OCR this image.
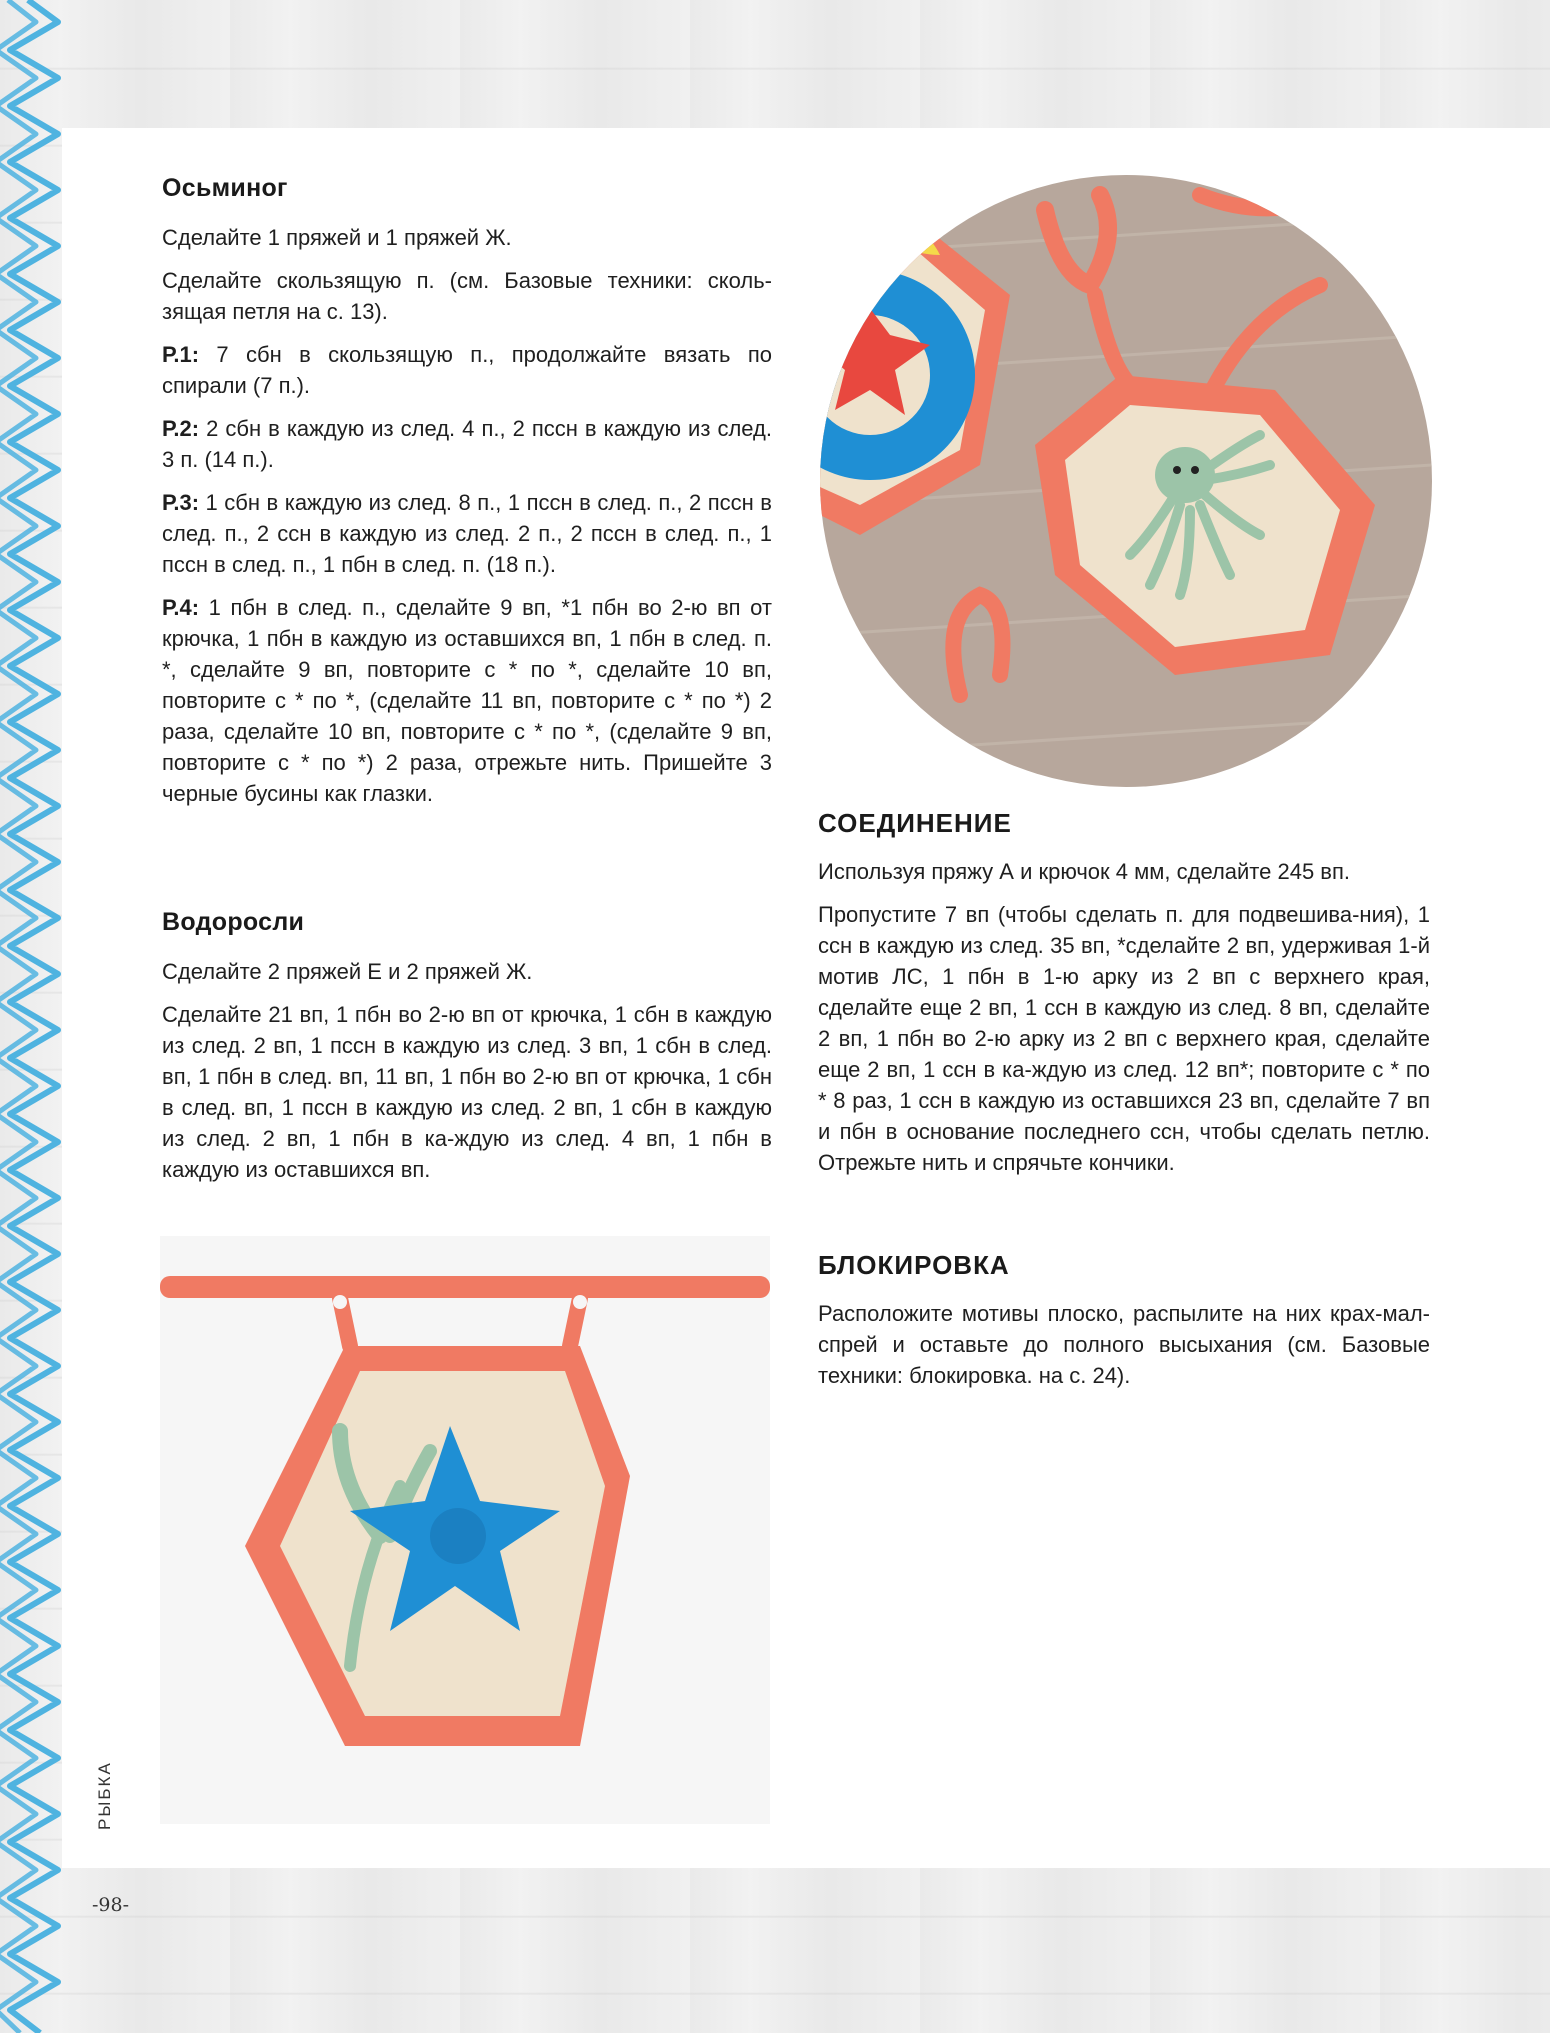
Осьминог

Сделайте 1 пряжей и 1 пряжей Ж.

Сделайте скользящую п. (см. Базовые техники: сколь-зящая петля на с. 13).

Р.1: 7 сбн в скользящую п., продолжайте вязать по спирали (7 п.).

Р.2: 2 сбн в каждую из след. 4 п., 2 пссн в каждую из след. 3 п. (14 п.).

Р.3: 1 сбн в каждую из след. 8 п., 1 пссн в след. п., 2 пссн в след. п., 2 ссн в каждую из след. 2 п., 2 пссн в след. п., 1 пссн в след. п., 1 пбн в след. п. (18 п.).

Р.4: 1 пбн в след. п., сделайте 9 вп, *1 пбн во 2-ю вп от крючка, 1 пбн в каждую из оставшихся вп, 1 пбн в след. п. *, сделайте 9 вп, повторите с * по *, сделайте 10 вп, повторите с * по *, (сделайте 11 вп, повторите с * по *) 2 раза, сделайте 10 вп, повторите с * по *, (сделайте 9 вп, повторите с * по *) 2 раза, отрежьте нить. Пришейте 3 черные бусины как глазки.

Водоросли

Сделайте 2 пряжей Е и 2 пряжей Ж.

Сделайте 21 вп, 1 пбн во 2-ю вп от крючка, 1 сбн в каждую из след. 2 вп, 1 пссн в каждую из след. 3 вп, 1 сбн в след. вп, 1 пбн в след. вп, 11 вп, 1 пбн во 2-ю вп от крючка, 1 сбн в след. вп, 1 пссн в каждую из след. 2 вп, 1 сбн в каждую из след. 2 вп, 1 пбн в ка-ждую из след. 4 вп, 1 пбн в каждую из оставшихся вп.

СОЕДИНЕНИЕ

Используя пряжу А и крючок 4 мм, сделайте 245 вп.

Пропустите 7 вп (чтобы сделать п. для подвешива-ния), 1 ссн в каждую из след. 35 вп, *сделайте 2 вп, удерживая 1-й мотив ЛС, 1 пбн в 1-ю арку из 2 вп с верхнего края, сделайте еще 2 вп, 1 ссн в каждую из след. 8 вп, сделайте 2 вп, 1 пбн во 2-ю арку из 2 вп с верхнего края, сделайте еще 2 вп, 1 ссн в ка-ждую из след. 12 вп*; повторите с * по * 8 раз, 1 ссн в каждую из оставшихся 23 вп, сделайте 7 вп и пбн в основание последнего ссн, чтобы сделать петлю. Отрежьте нить и спрячьте кончики.

БЛОКИРОВКА

Расположите мотивы плоско, распылите на них крах-мал-спрей и оставьте до полного высыхания (см. Базовые техники: блокировка. на с. 24).

РЫБКА
-98-
